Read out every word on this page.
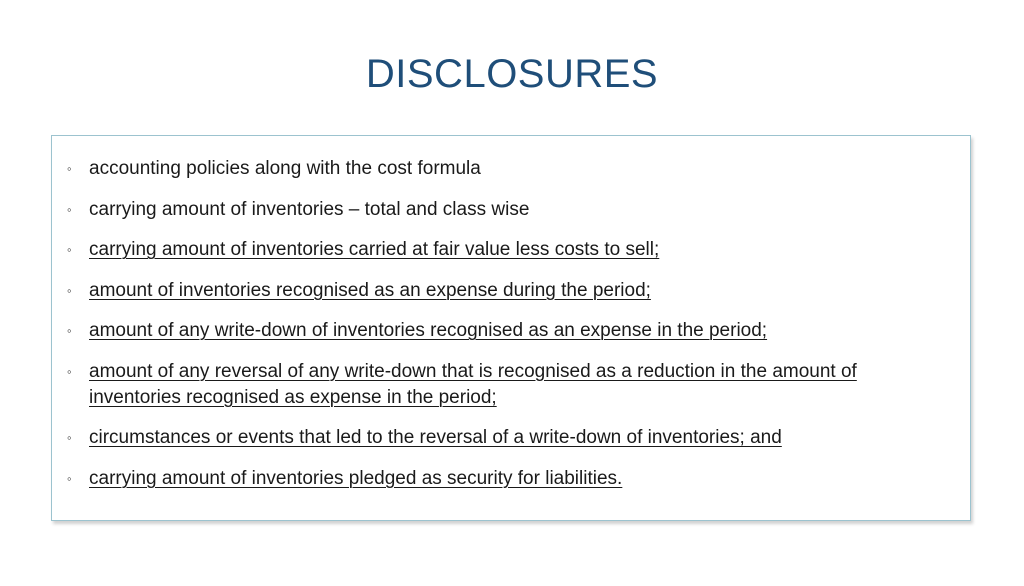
DISCLOSURES
◦ accounting policies along with the cost formula
◦ carrying amount of inventories – total and class wise
◦ carrying amount of inventories carried at fair value less costs to sell;
◦ amount of inventories recognised as an expense during the period;
◦ amount of any write-down of inventories recognised as an expense in the period;
◦ amount of any reversal of any write-down that is recognised as a reduction in the amount of inventories recognised as expense in the period;
◦ circumstances or events that led to the reversal of a write-down of inventories; and
◦ carrying amount of inventories pledged as security for liabilities.
